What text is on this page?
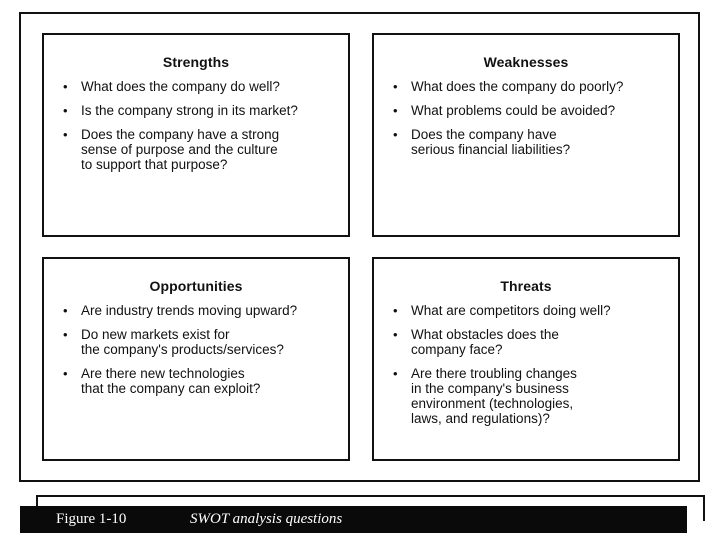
Strengths
• What does the company do well?
• Is the company strong in its market?
• Does the company have a strong
sense of purpose and the culture
to support that purpose?
Weaknesses
• What does the company do poorly?
• What problems could be avoided?
• Does the company have
serious financial liabilities?
Opportunities
• Are industry trends moving upward?
• Do new markets exist for
the company's products/services?
• Are there new technologies
that the company can exploit?
Threats
• What are competitors doing well?
• What obstacles does the
company face?
• Are there troubling changes
in the company's business
environment (technologies,
laws, and regulations)?
Figure 1-10	SWOT analysis questions
